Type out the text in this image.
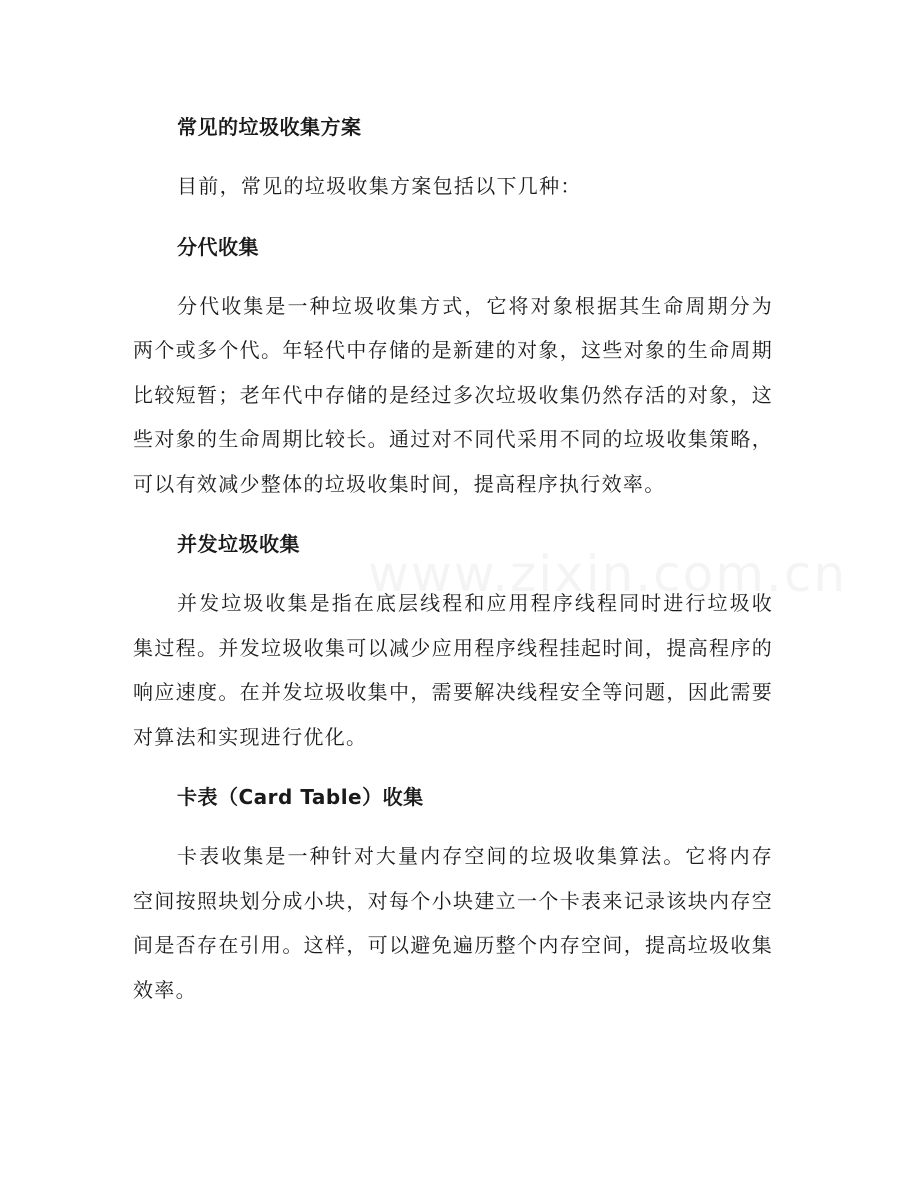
常见的垃圾收集方案

目前，常见的垃圾收集方案包括以下几种：

分代收集

分代收集是一种垃圾收集方式，它将对象根据其生命周期分为两个或多个代。年轻代中存储的是新建的对象，这些对象的生命周期比较短暂；老年代中存储的是经过多次垃圾收集仍然存活的对象，这些对象的生命周期比较长。通过对不同代采用不同的垃圾收集策略，可以有效减少整体的垃圾收集时间，提高程序执行效率。

并发垃圾收集

并发垃圾收集是指在底层线程和应用程序线程同时进行垃圾收集过程。并发垃圾收集可以减少应用程序线程挂起时间，提高程序的响应速度。在并发垃圾收集中，需要解决线程安全等问题，因此需要对算法和实现进行优化。

卡表（Card Table）收集

卡表收集是一种针对大量内存空间的垃圾收集算法。它将内存空间按照块划分成小块，对每个小块建立一个卡表来记录该块内存空间是否存在引用。这样，可以避免遍历整个内存空间，提高垃圾收集效率。
